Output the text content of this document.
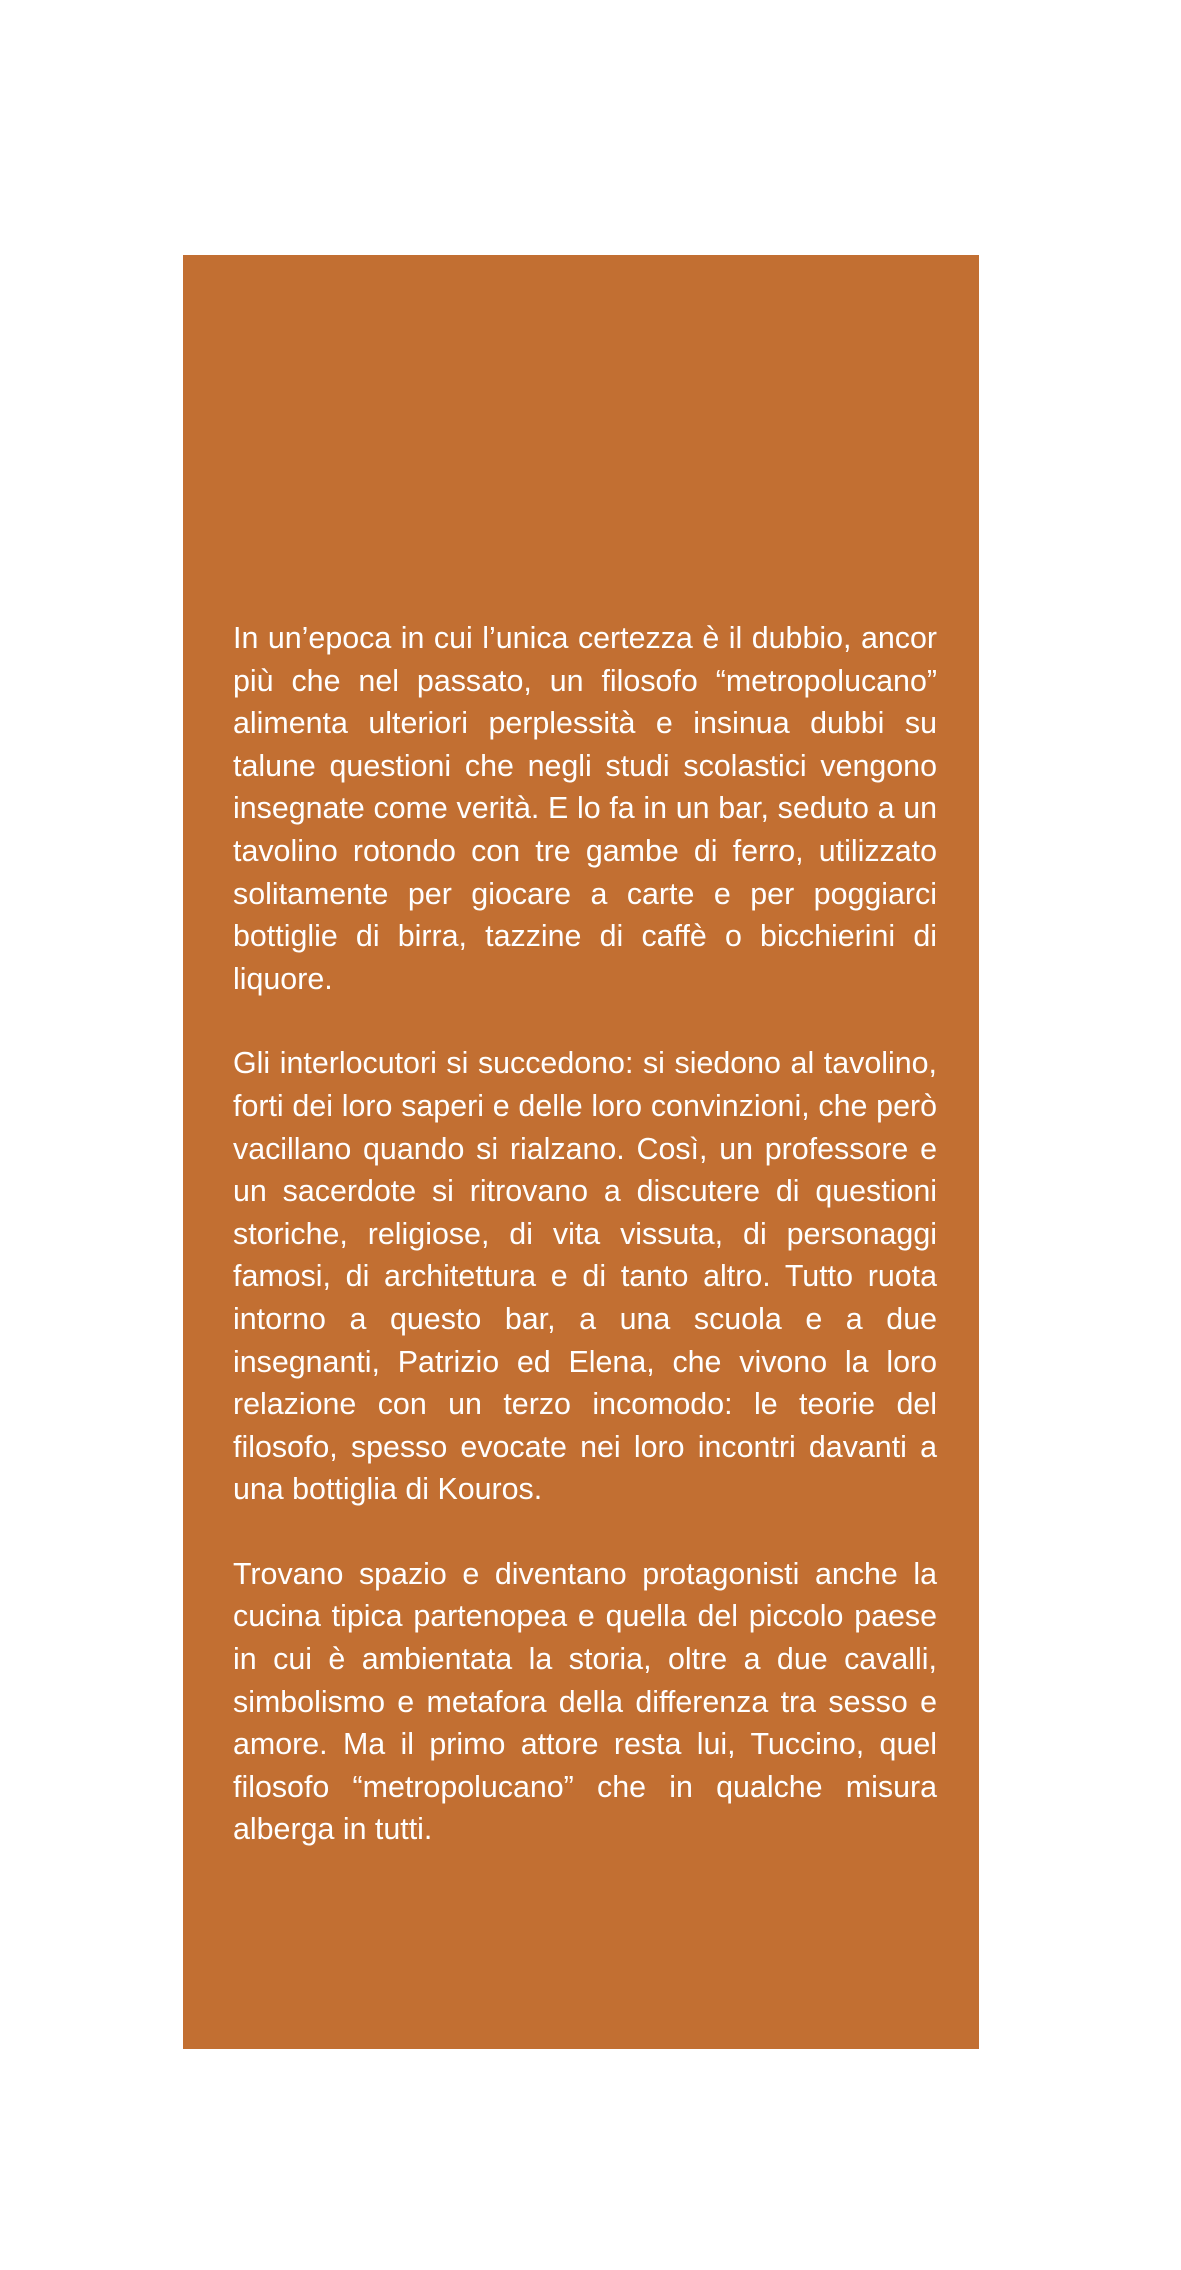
In un’epoca in cui l’unica certezza è il dubbio, ancor più che nel passato, un filosofo “metropolucano” alimenta ulteriori perplessità e insinua dubbi su talune questioni che negli studi scolastici vengono insegnate come verità. E lo fa in un bar, seduto a un tavolino rotondo con tre gambe di ferro, utilizzato solitamente per giocare a carte e per poggiarci bottiglie di birra, tazzine di caffè o bicchierini di liquore.

Gli interlocutori si succedono: si siedono al tavolino, forti dei loro saperi e delle loro convinzioni, che però vacillano quando si rialzano. Così, un professore e un sacerdote si ritrovano a discutere di questioni storiche, religiose, di vita vissuta, di personaggi famosi, di architettura e di tanto altro. Tutto ruota intorno a questo bar, a una scuola e a due insegnanti, Patrizio ed Elena, che vivono la loro relazione con un terzo incomodo: le teorie del filosofo, spesso evocate nei loro incontri davanti a una bottiglia di Kouros.

Trovano spazio e diventano protagonisti anche la cucina tipica partenopea e quella del piccolo paese in cui è ambientata la storia, oltre a due cavalli, simbolismo e metafora della differenza tra sesso e amore. Ma il primo attore resta lui, Tuccino, quel filosofo “metropolucano” che in qualche misura alberga in tutti.
